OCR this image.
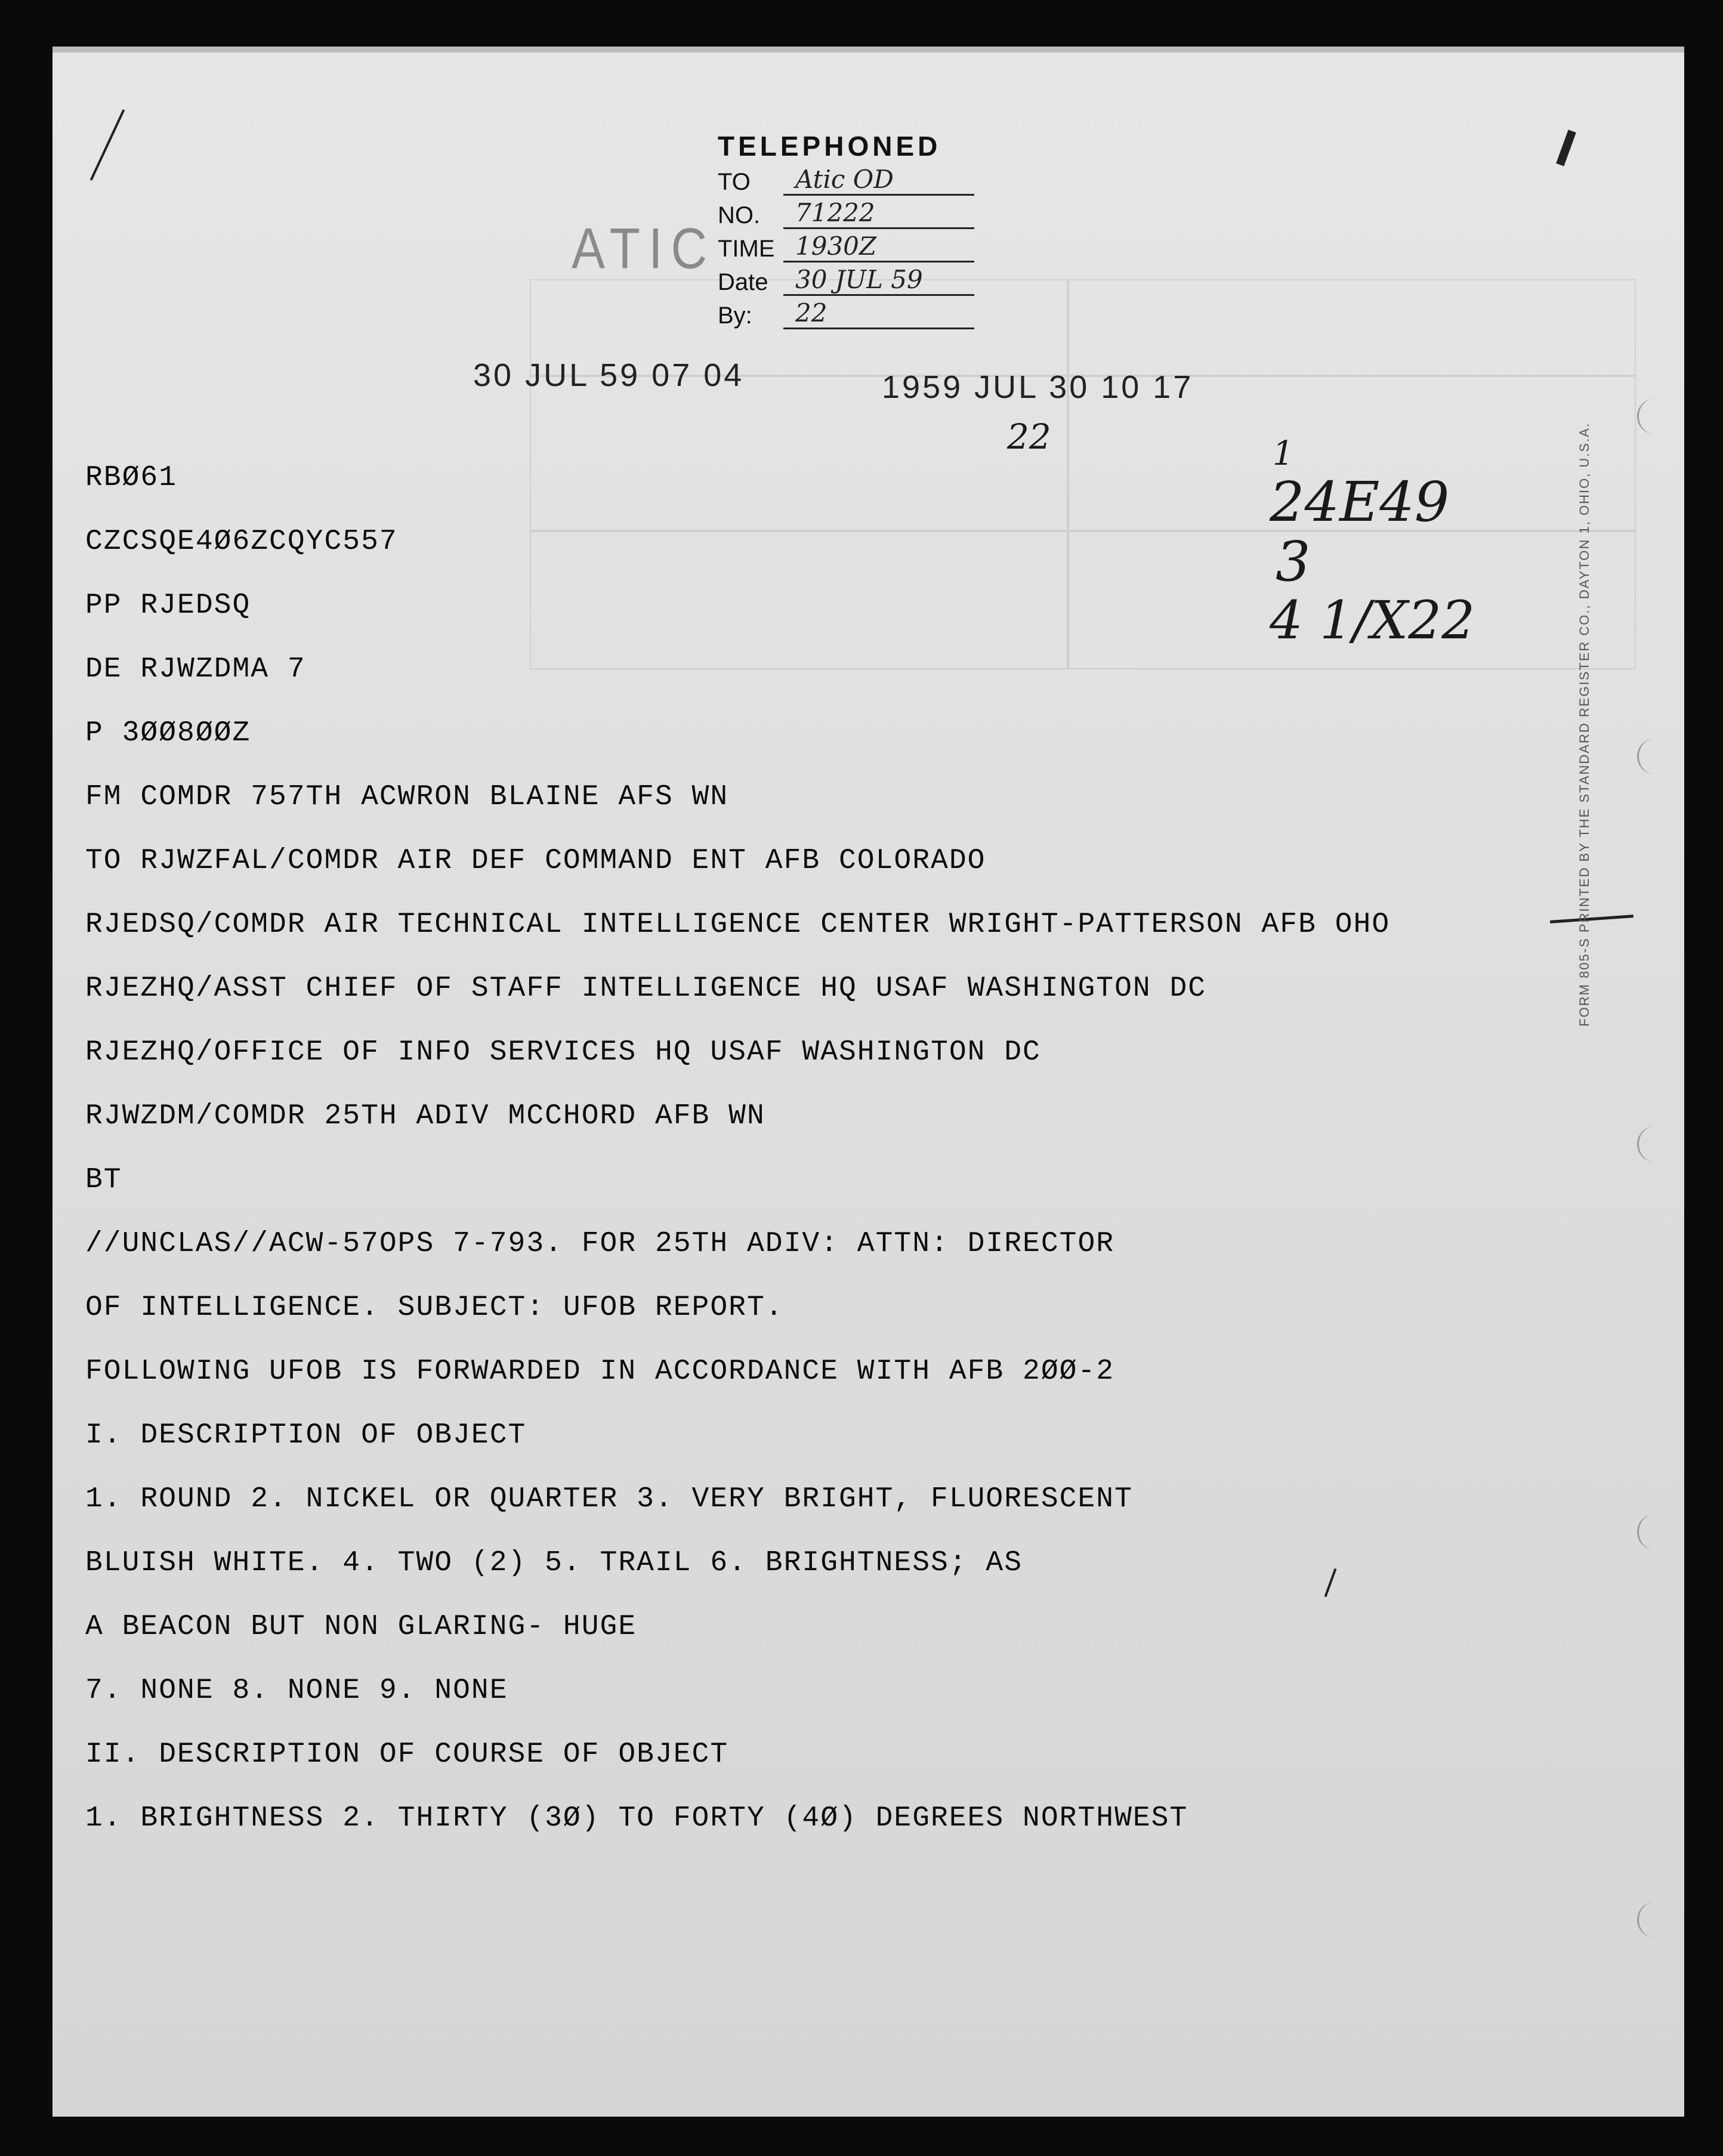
TELEPHONED
TO	Atic OD
NO.	71222
TIME 1930Z
Date	30 JUL 59
By:	22
ATIC
30 JUL 59 07 04	1959 JUL 30 10 17
22	1
24E49
3
4 1/X22	FORM 805-S PRINTED BY THE STANDARD REGISTER CO., DAYTON 1, OHIO, U.S.A.
RBØ61
CZCSQE4Ø6ZCQYC557
PP RJEDSQ
DE RJWZDMA 7
P 3ØØ8ØØZ
FM COMDR 757TH ACWRON BLAINE AFS WN
TO RJWZFAL/COMDR AIR DEF COMMAND ENT AFB COLORADO
RJEDSQ/COMDR AIR TECHNICAL INTELLIGENCE CENTER WRIGHT-PATTERSON AFB OHO
RJEZHQ/ASST CHIEF OF STAFF INTELLIGENCE HQ USAF WASHINGTON DC
RJEZHQ/OFFICE OF INFO SERVICES HQ USAF WASHINGTON DC
RJWZDM/COMDR 25TH ADIV MCCHORD AFB WN
BT
//UNCLAS//ACW-57OPS 7-793. FOR 25TH ADIV: ATTN: DIRECTOR
OF INTELLIGENCE. SUBJECT: UFOB REPORT.
FOLLOWING UFOB IS FORWARDED IN ACCORDANCE WITH AFB 2ØØ-2
I. DESCRIPTION OF OBJECT
1. ROUND 2. NICKEL OR QUARTER 3. VERY BRIGHT, FLUORESCENT
BLUISH WHITE. 4. TWO (2) 5. TRAIL 6. BRIGHTNESS; AS
A BEACON BUT NON GLARING- HUGE
7. NONE 8. NONE 9. NONE
II. DESCRIPTION OF COURSE OF OBJECT
1. BRIGHTNESS 2. THIRTY (3Ø) TO FORTY (4Ø) DEGREES NORTHWEST
